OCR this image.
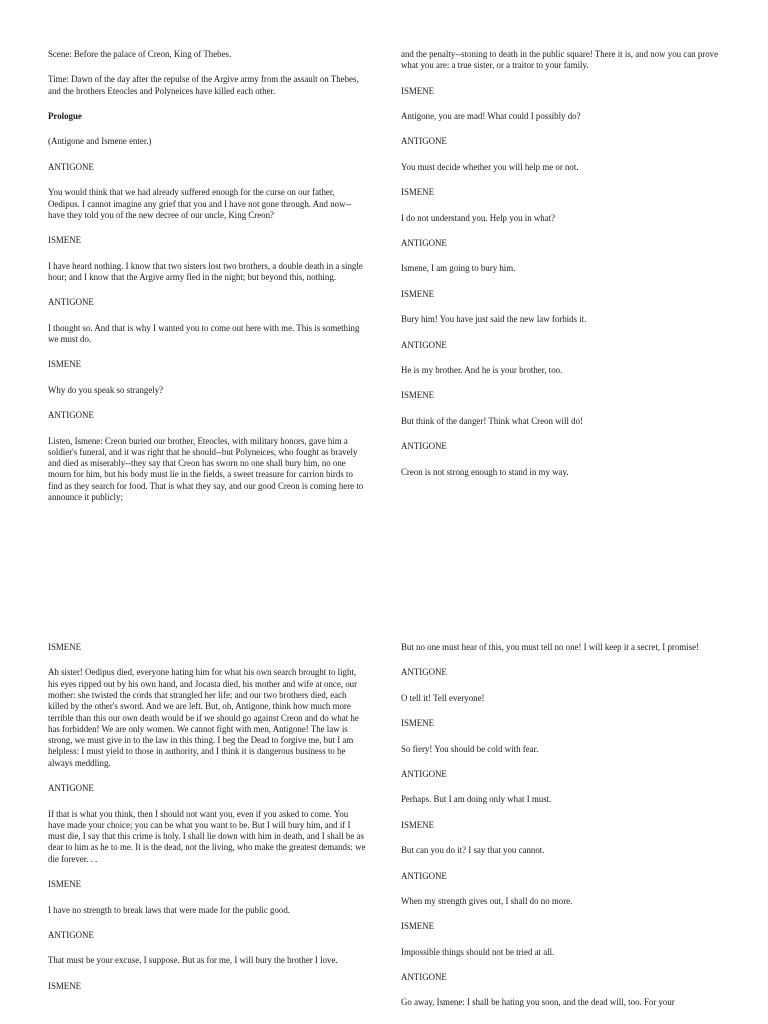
Scene: Before the palace of Creon, King of Thebes.

Time: Dawn of the day after the repulse of the Argive army from the assault on Thebes, and the brothers Eteocles and Polyneices have killed each other.

Prologue

(Antigone and Ismene enter.)

ANTIGONE

You would think that we had already suffered enough for the curse on our father, Oedipus. I cannot imagine any grief that you and I have not gone through. And now--have they told you of the new decree of our uncle, King Creon?

ISMENE

I have heard nothing. I know that two sisters lost two brothers, a double death in a single hour; and I know that the Argive army fled in the night; but beyond this, nothing.

ANTIGONE

I thought so. And that is why I wanted you to come out here with me. This is something we must do.

ISMENE

Why do you speak so strangely?

ANTIGONE

Listen, Ismene: Creon buried our brother, Eteocles, with military honors, gave him a soldier's funeral, and it was right that he should--but Polyneices, who fought as bravely and died as miserably--they say that Creon has sworn no one shall bury him, no one mourn for him, but his body must lie in the fields, a sweet treasure for carrion birds to find as they search for food. That is what they say, and our good Creon is coming here to announce it publicly;

and the penalty--stoning to death in the public square! There it is, and now you can prove what you are: a true sister, or a traitor to your family.

ISMENE

Antigone, you are mad! What could I possibly do?

ANTIGONE

You must decide whether you will help me or not.

ISMENE

I do not understand you. Help you in what?

ANTIGONE

Ismene, I am going to bury him.

ISMENE

Bury him! You have just said the new law forbids it.

ANTIGONE

He is my brother. And he is your brother, too.

ISMENE

But think of the danger! Think what Creon will do!

ANTIGONE

Creon is not strong enough to stand in my way.

ISMENE

Ah sister! Oedipus died, everyone hating him for what his own search brought to light, his eyes ripped out by his own hand, and Jocasta died, his mother and wife at once, our mother: she twisted the cords that strangled her life; and our two brothers died, each killed by the other's sword. And we are left. But, oh, Antigone, think how much more terrible than this our own death would be if we should go against Creon and do what he has forbidden! We are only women. We cannot fight with men, Antigone! The law is strong, we must give in to the law in this thing. I beg the Dead to forgive me, but I am helpless: I must yield to those in authority, and I think it is dangerous business to be always meddling.

ANTIGONE

If that is what you think, then I should not want you, even if you asked to come. You have made your choice; you can be what you want to be. But I will bury him, and if I must die, I say that this crime is holy. I shall lie down with him in death, and I shall be as dear to him as he to me. It is the dead, not the living, who make the greatest demands: we die forever. . .

ISMENE

I have no strength to break laws that were made for the public good.

ANTIGONE

That must be your excuse, I suppose. But as for me, I will bury the brother I love.

ISMENE

But no one must hear of this, you must tell no one! I will keep it a secret, I promise!

ANTIGONE

O tell it! Tell everyone!

ISMENE

So fiery! You should be cold with fear.

ANTIGONE

Perhaps. But I am doing only what I must.

ISMENE

But can you do it? I say that you cannot.

ANTIGONE

When my strength gives out, I shall do no more.

ISMENE

Impossible things should not be tried at all.

ANTIGONE

Go away, Ismene: I shall be hating you soon, and the dead will, too. For your
